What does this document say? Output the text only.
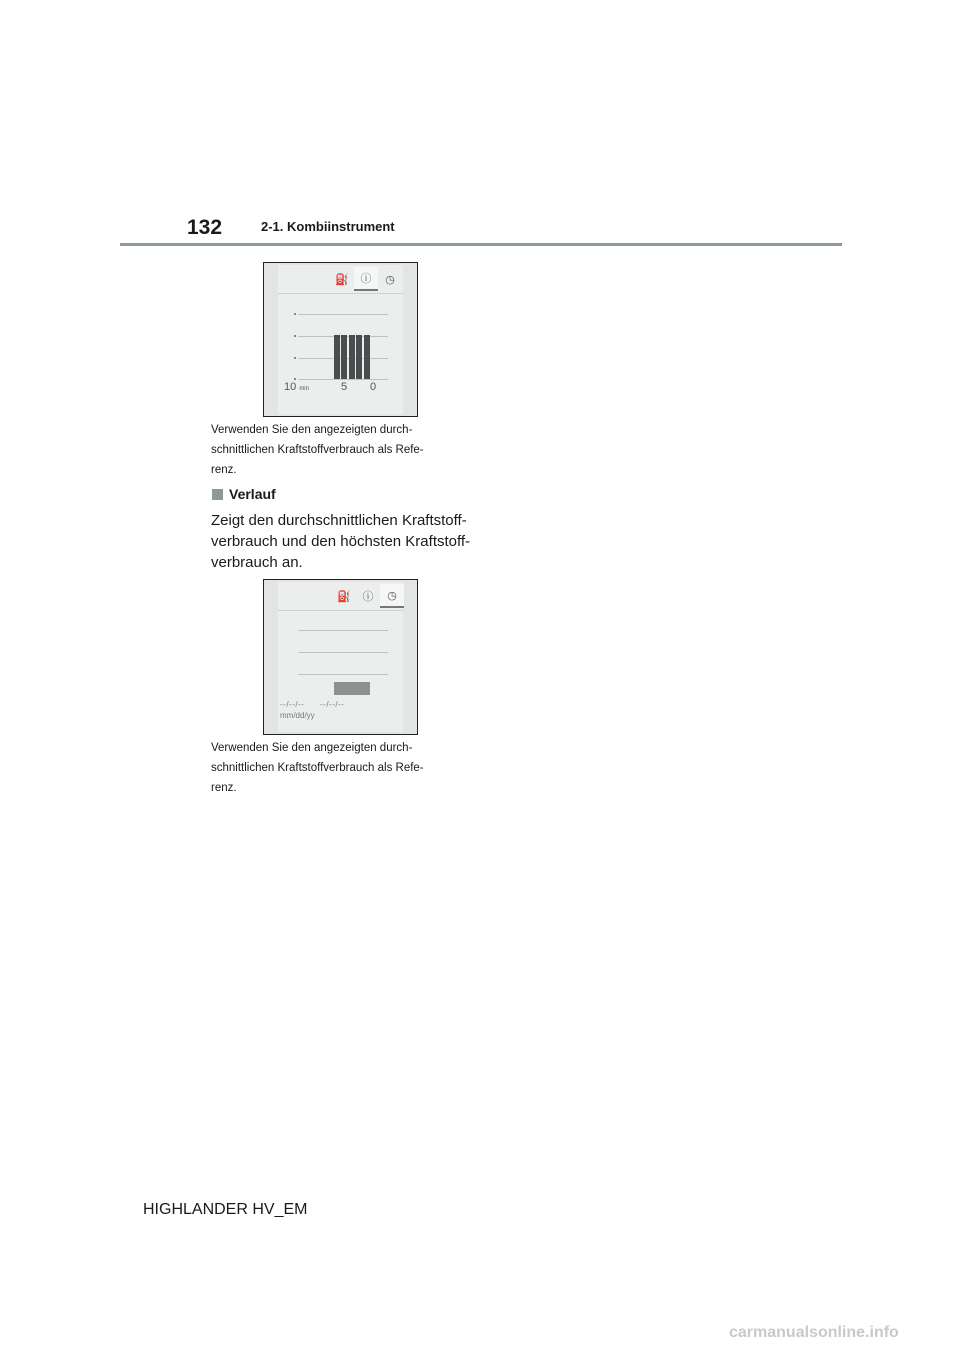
132	2-1. Kombiinstrument
⛽	ⓘ	◷
10 min	5 0

Verwenden Sie den angezeigten durch-

schnittlichen Kraftstoffverbrauch als Refe-

renz.

Verlauf

Zeigt den durchschnittlichen Kraftstoff-

verbrauch und den höchsten Kraftstoff-

verbrauch an.

⛽	ⓘ	◷
--/--/-- --/--/--
mm/dd/yy

Verwenden Sie den angezeigten durch-

schnittlichen Kraftstoffverbrauch als Refe-

renz.

HIGHLANDER HV_EM
carmanualsonline.info
